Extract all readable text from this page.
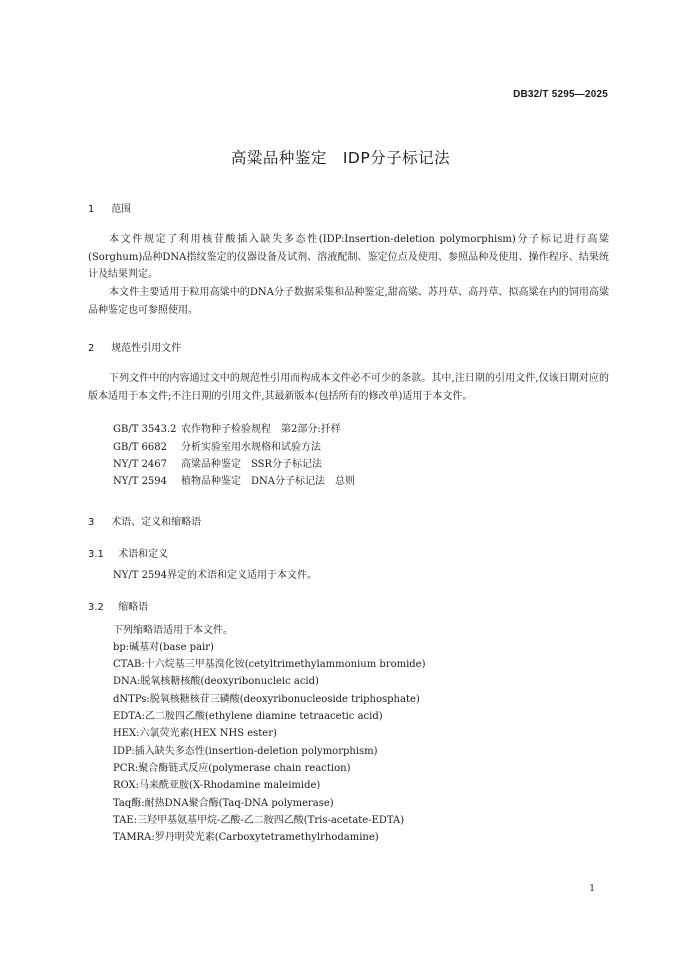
DB32/T 5295—2025
高粱品种鉴定　IDP分子标记法
1 范围
本文件规定了利用核苷酸插入缺失多态性(IDP:Insertion-deletion polymorphism)分子标记进行高粱(Sorghum)品种DNA指纹鉴定的仪器设备及试剂、溶液配制、鉴定位点及使用、参照品种及使用、操作程序、结果统计及结果判定。
本文件主要适用于粒用高粱中的DNA分子数据采集和品种鉴定,甜高粱、苏丹草、高丹草、拟高粱在内的饲用高粱品种鉴定也可参照使用。
2 规范性引用文件
下列文件中的内容通过文中的规范性引用而构成本文件必不可少的条款。其中,注日期的引用文件,仅该日期对应的版本适用于本文件;不注日期的引用文件,其最新版本(包括所有的修改单)适用于本文件。
GB/T 3543.2 农作物种子检验规程　第2部分:扦样
GB/T 6682 分析实验室用水规格和试验方法
NY/T 2467 高粱品种鉴定　SSR分子标记法
NY/T 2594 植物品种鉴定　DNA分子标记法　总则
3 术语、定义和缩略语
3.1 术语和定义
NY/T 2594界定的术语和定义适用于本文件。
3.2 缩略语
下列缩略语适用于本文件。
bp:碱基对(base pair)
CTAB:十六烷基三甲基溴化铵(cetyltrimethylammonium bromide)
DNA:脱氧核糖核酸(deoxyribonucleic acid)
dNTPs:脱氧核糖核苷三磷酸(deoxyribonucleoside triphosphate)
EDTA:乙二胺四乙酸(ethylene diamine tetraacetic acid)
HEX:六氯荧光素(HEX NHS ester)
IDP:插入缺失多态性(insertion-deletion polymorphism)
PCR:聚合酶链式反应(polymerase chain reaction)
ROX:马来酰亚胺(X-Rhodamine maleimide)
Taq酶:耐热DNA聚合酶(Taq-DNA polymerase)
TAE:三羟甲基氨基甲烷-乙酸-乙二胺四乙酸(Tris-acetate-EDTA)
TAMRA:罗丹明荧光素(Carboxytetramethylrhodamine)
1
